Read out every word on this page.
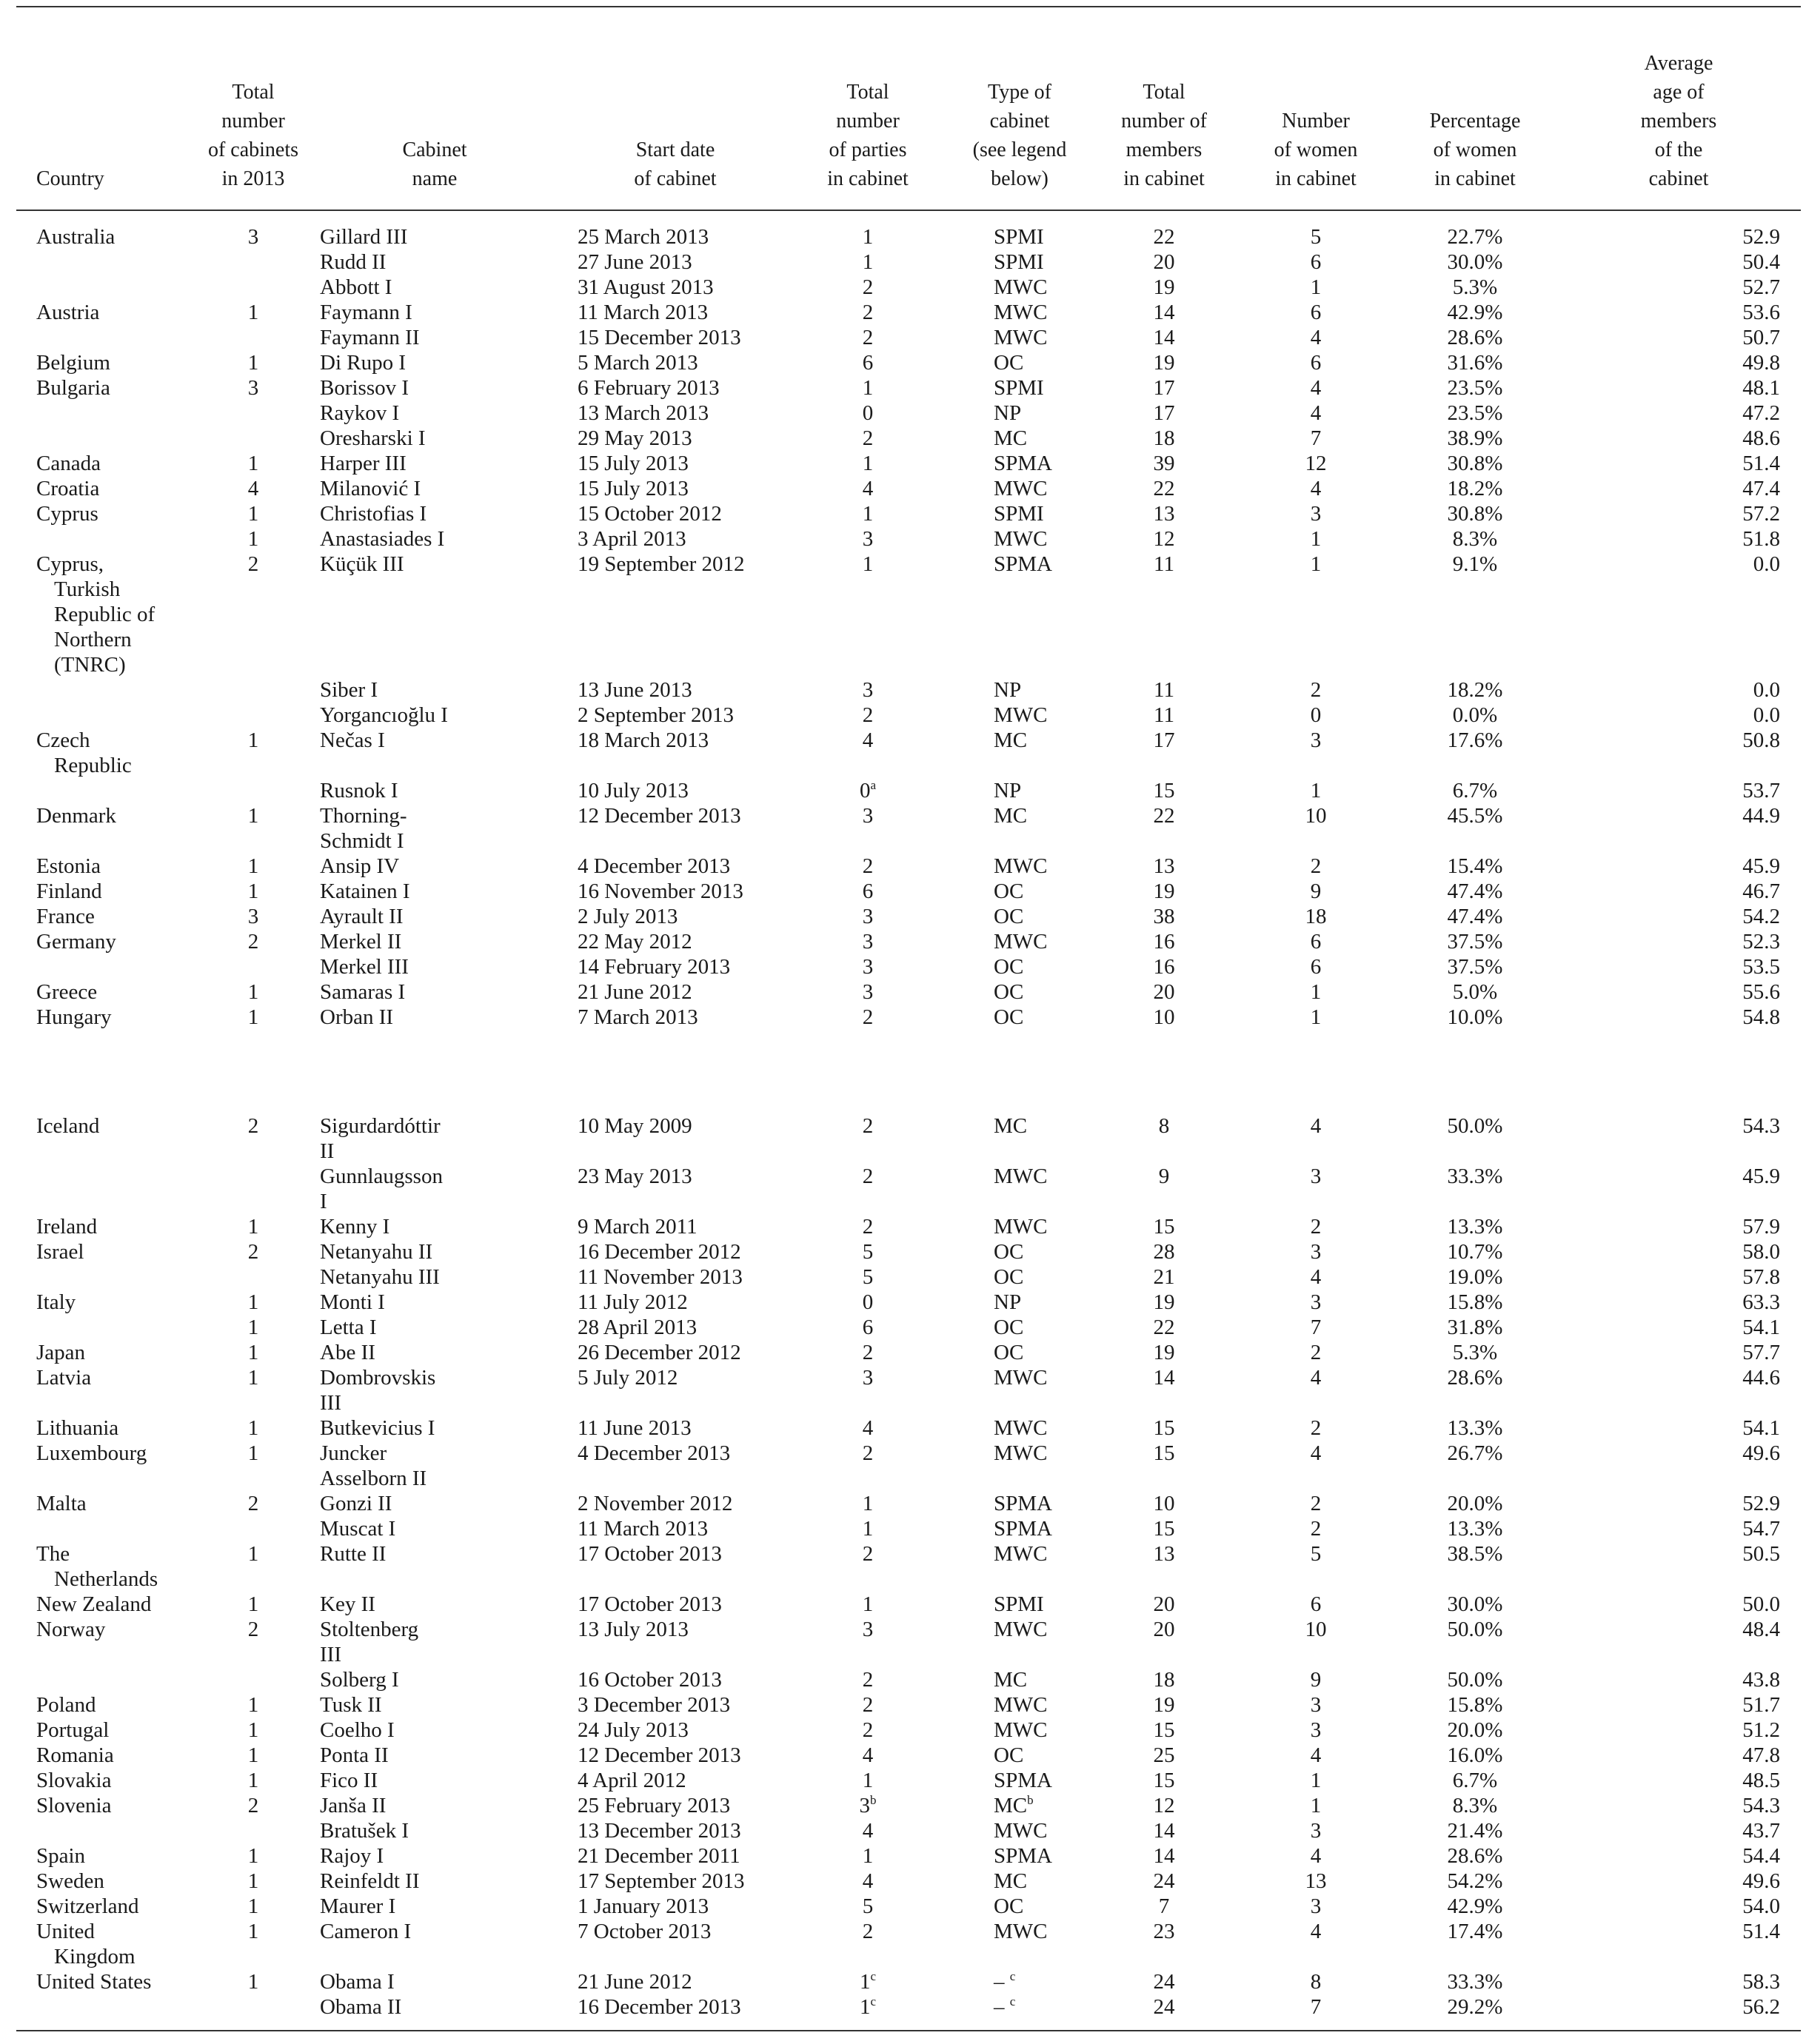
Country	Total
number
of cabinets
in 2013	Cabinet
name	Start date
of cabinet	Total
number
of parties
in cabinet	Type of
cabinet
(see legend
below)	Total
number of
members
in cabinet	Number
of women
in cabinet	Percentage
of women
in cabinet	Average
age of
members
of the
cabinet

Australia	3	Gillard III	25 March 2013	1	SPMI	22	5	22.7%	52.9
		Rudd II	27 June 2013	1	SPMI	20	6	30.0%	50.4
		Abbott I	31 August 2013	2	MWC	19	1	5.3%	52.7
Austria	1	Faymann I	11 March 2013	2	MWC	14	6	42.9%	53.6
		Faymann II	15 December 2013	2	MWC	14	4	28.6%	50.7
Belgium	1	Di Rupo I	5 March 2013	6	OC	19	6	31.6%	49.8
Bulgaria	3	Borissov I	6 February 2013	1	SPMI	17	4	23.5%	48.1
		Raykov I	13 March 2013	0	NP	17	4	23.5%	47.2
		Oresharski I	29 May 2013	2	MC	18	7	38.9%	48.6
Canada	1	Harper III	15 July 2013	1	SPMA	39	12	30.8%	51.4
Croatia	4	Milanović I	15 July 2013	4	MWC	22	4	18.2%	47.4
Cyprus	1	Christofias I	15 October 2012	1	SPMI	13	3	30.8%	57.2
	1	Anastasiades I	3 April 2013	3	MWC	12	1	8.3%	51.8
Cyprus,
Turkish
Republic of
Northern
(TNRC)	2	Küçük III	19 September 2012	1	SPMA	11	1	9.1%	0.0
		Siber I	13 June 2013	3	NP	11	2	18.2%	0.0
		Yorgancıoğlu I	2 September 2013	2	MWC	11	0	0.0%	0.0
Czech
Republic	1	Nečas I	18 March 2013	4	MC	17	3	17.6%	50.8
		Rusnok I	10 July 2013	0$^a$	NP	15	1	6.7%	53.7
Denmark	1	Thorning-
Schmidt I	12 December 2013	3	MC	22	10	45.5%	44.9
Estonia	1	Ansip IV	4 December 2013	2	MWC	13	2	15.4%	45.9
Finland	1	Katainen I	16 November 2013	6	OC	19	9	47.4%	46.7
France	3	Ayrault II	2 July 2013	3	OC	38	18	47.4%	54.2
Germany	2	Merkel II	22 May 2012	3	MWC	16	6	37.5%	52.3
		Merkel III	14 February 2013	3	OC	16	6	37.5%	53.5
Greece	1	Samaras I	21 June 2012	3	OC	20	1	5.0%	55.6
Hungary	1	Orban II	7 March 2013	2	OC	10	1	10.0%	54.8
Iceland	2	Sigurdardóttir
II	10 May 2009	2	MC	8	4	50.0%	54.3
		Gunnlaugsson
I	23 May 2013	2	MWC	9	3	33.3%	45.9
Ireland	1	Kenny I	9 March 2011	2	MWC	15	2	13.3%	57.9
Israel	2	Netanyahu II	16 December 2012	5	OC	28	3	10.7%	58.0
		Netanyahu III	11 November 2013	5	OC	21	4	19.0%	57.8
Italy	1	Monti I	11 July 2012	0	NP	19	3	15.8%	63.3
	1	Letta I	28 April 2013	6	OC	22	7	31.8%	54.1
Japan	1	Abe II	26 December 2012	2	OC	19	2	5.3%	57.7
Latvia	1	Dombrovskis
III	5 July 2012	3	MWC	14	4	28.6%	44.6
Lithuania	1	Butkevicius I	11 June 2013	4	MWC	15	2	13.3%	54.1
Luxembourg	1	Juncker
Asselborn II	4 December 2013	2	MWC	15	4	26.7%	49.6
Malta	2	Gonzi II	2 November 2012	1	SPMA	10	2	20.0%	52.9
		Muscat I	11 March 2013	1	SPMA	15	2	13.3%	54.7
The
Netherlands	1	Rutte II	17 October 2013	2	MWC	13	5	38.5%	50.5
New Zealand	1	Key II	17 October 2013	1	SPMI	20	6	30.0%	50.0
Norway	2	Stoltenberg
III	13 July 2013	3	MWC	20	10	50.0%	48.4
		Solberg I	16 October 2013	2	MC	18	9	50.0%	43.8
Poland	1	Tusk II	3 December 2013	2	MWC	19	3	15.8%	51.7
Portugal	1	Coelho I	24 July 2013	2	MWC	15	3	20.0%	51.2
Romania	1	Ponta II	12 December 2013	4	OC	25	4	16.0%	47.8
Slovakia	1	Fico II	4 April 2012	1	SPMA	15	1	6.7%	48.5
Slovenia	2	Janša II	25 February 2013	3$^b$	$MC^b$	12	1	8.3%	54.3
		Bratušek I	13 December 2013	4	MWC	14	3	21.4%	43.7
Spain	1	Rajoy I	21 December 2011	1	SPMA	14	4	28.6%	54.4
Sweden	1	Reinfeldt II	17 September 2013	4	MC	24	13	54.2%	49.6
Switzerland	1	Maurer I	1 January 2013	5	OC	7	3	42.9%	54.0
United
Kingdom	1	Cameron I	7 October 2013	2	MWC	23	4	17.4%	51.4
United States	1	Obama I	21 June 2012	1$^c$	– $^c$	24	8	33.3%	58.3
		Obama II	16 December 2013	1$^c$	– $^c$	24	7	29.2%	56.2
